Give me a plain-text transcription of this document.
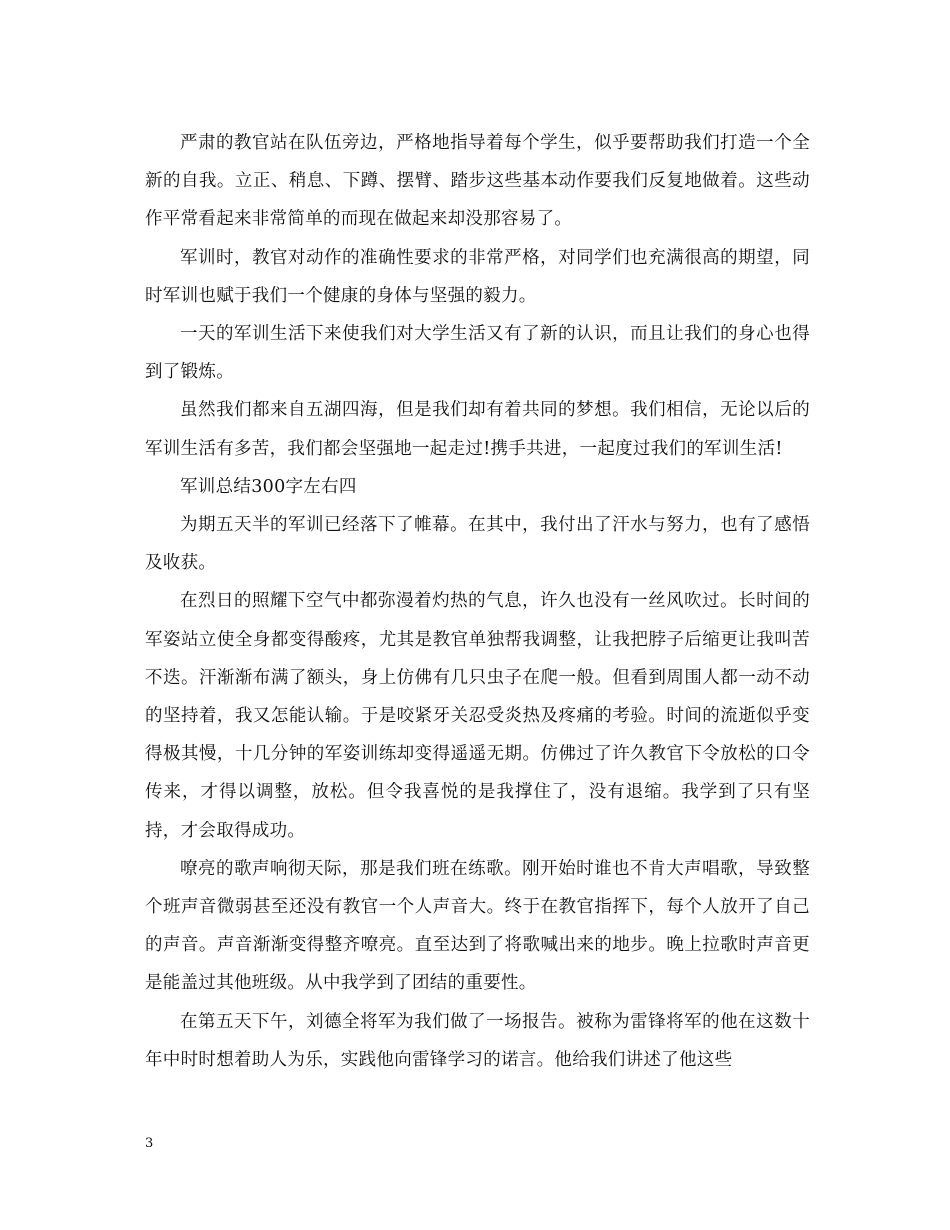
严肃的教官站在队伍旁边，严格地指导着每个学生，似乎要帮助我们打造一个全新的自我。立正、稍息、下蹲、摆臂、踏步这些基本动作要我们反复地做着。这些动作平常看起来非常简单的而现在做起来却没那容易了。

军训时，教官对动作的准确性要求的非常严格，对同学们也充满很高的期望，同时军训也赋于我们一个健康的身体与坚强的毅力。

一天的军训生活下来使我们对大学生活又有了新的认识，而且让我们的身心也得到了锻炼。

虽然我们都来自五湖四海，但是我们却有着共同的梦想。我们相信，无论以后的军训生活有多苦，我们都会坚强地一起走过!携手共进，一起度过我们的军训生活!

军训总结300字左右四

为期五天半的军训已经落下了帷幕。在其中，我付出了汗水与努力，也有了感悟及收获。

在烈日的照耀下空气中都弥漫着灼热的气息，许久也没有一丝风吹过。长时间的军姿站立使全身都变得酸疼，尤其是教官单独帮我调整，让我把脖子后缩更让我叫苦不迭。汗渐渐布满了额头，身上仿佛有几只虫子在爬一般。但看到周围人都一动不动的坚持着，我又怎能认输。于是咬紧牙关忍受炎热及疼痛的考验。时间的流逝似乎变得极其慢，十几分钟的军姿训练却变得遥遥无期。仿佛过了许久教官下令放松的口令传来，才得以调整，放松。但令我喜悦的是我撑住了，没有退缩。我学到了只有坚持，才会取得成功。

嘹亮的歌声响彻天际，那是我们班在练歌。刚开始时谁也不肯大声唱歌，导致整个班声音微弱甚至还没有教官一个人声音大。终于在教官指挥下，每个人放开了自己的声音。声音渐渐变得整齐嘹亮。直至达到了将歌喊出来的地步。晚上拉歌时声音更是能盖过其他班级。从中我学到了团结的重要性。

在第五天下午，刘德全将军为我们做了一场报告。被称为雷锋将军的他在这数十年中时时想着助人为乐，实践他向雷锋学习的诺言。他给我们讲述了他这些

3
